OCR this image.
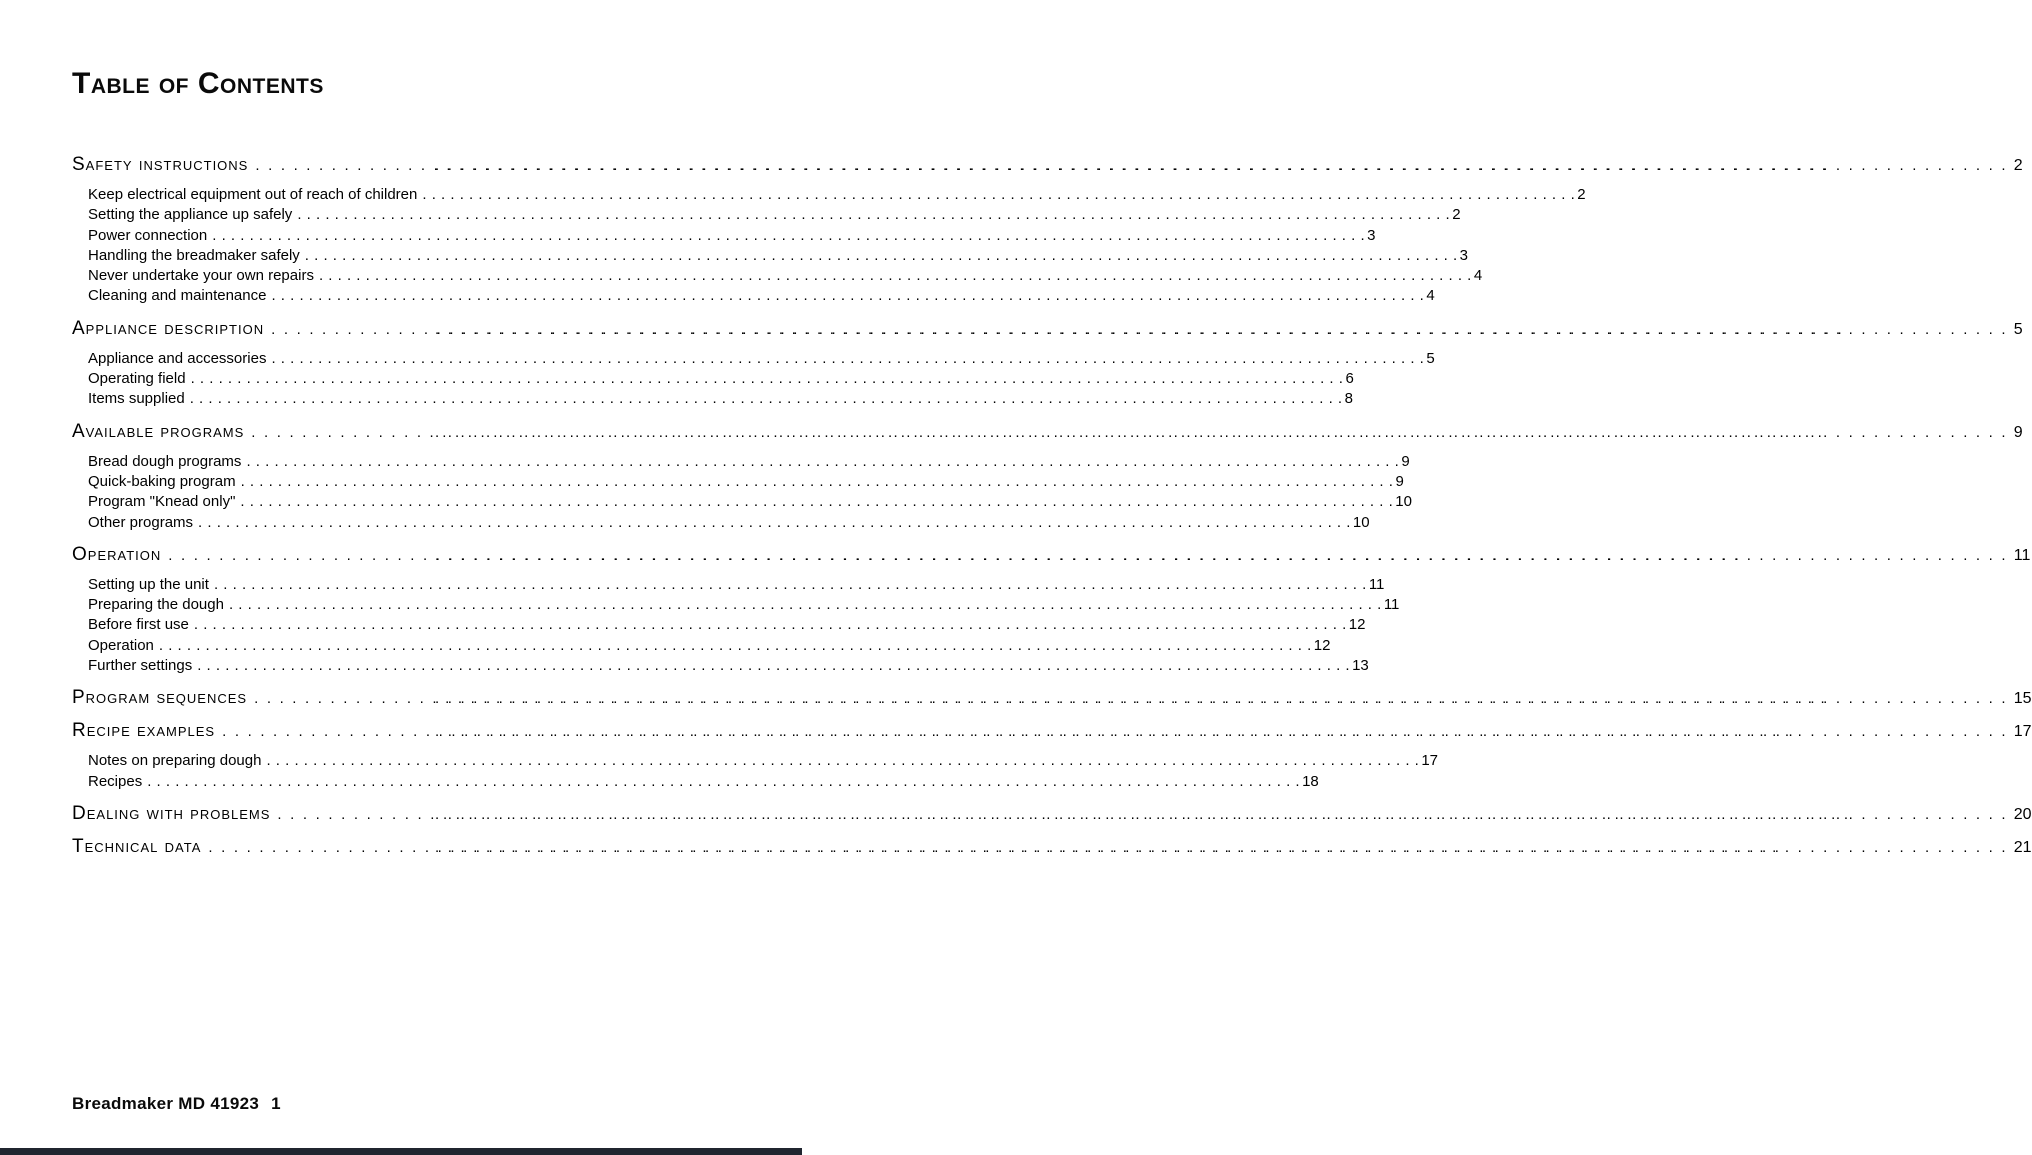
Table of Contents
Safety instructions . . . . . .	2
Keep electrical equipment out of reach of children . . .	2
Setting the appliance up safely . . .	2
Power connection . . .	3
Handling the breadmaker safely . . .	3
Never undertake your own repairs . . .	4
Cleaning and maintenance . . .	4
Appliance description . . . . . .	5
Appliance and accessories . . .	5
Operating field . . .	6
Items supplied . . .	8
Available programs . . . . . .	9
Bread dough programs . . .	9
Quick-baking program . . .	9
Program "Knead only" . . .	10
Other programs . . .	10
Operation . . . . . .	11
Setting up the unit . . .	11
Preparing the dough . . .	11
Before first use . . .	12
Operation . . .	12
Further settings . . .	13
Program sequences . . . . . .	15
Recipe examples . . . . . .	17
Notes on preparing dough . . .	17
Recipes . . .	18
Dealing with problems . . . . . .	20
Technical data . . . . . .	21
Breadmaker MD 41923 1
